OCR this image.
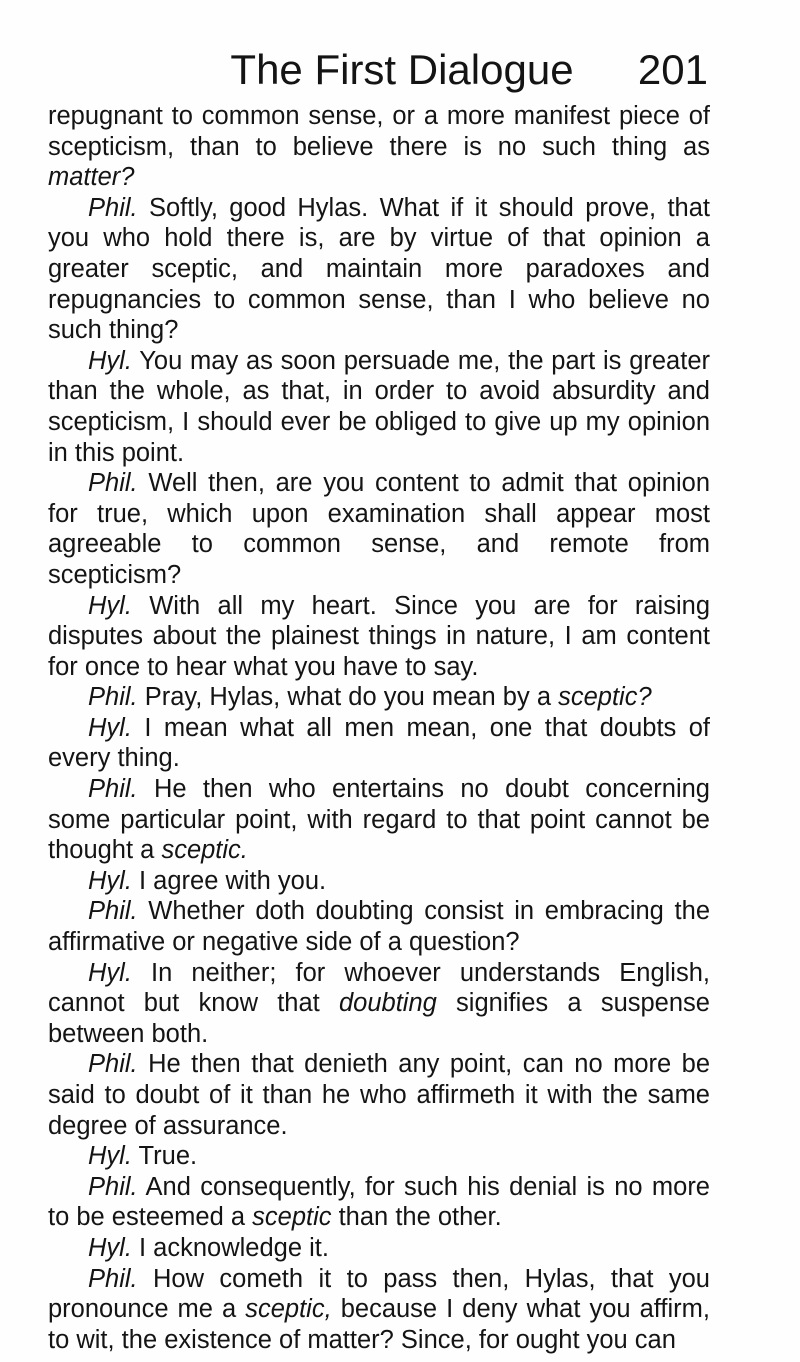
The First Dialogue	201

repugnant to common sense, or a more manifest piece of scepticism, than to believe there is no such thing as matter?

Phil. Softly, good Hylas. What if it should prove, that you who hold there is, are by virtue of that opinion a greater sceptic, and maintain more paradoxes and repugnancies to common sense, than I who believe no such thing?

Hyl. You may as soon persuade me, the part is greater than the whole, as that, in order to avoid absurdity and scepticism, I should ever be obliged to give up my opinion in this point.

Phil. Well then, are you content to admit that opinion for true, which upon examination shall appear most agreeable to common sense, and remote from scepticism?

Hyl. With all my heart. Since you are for raising disputes about the plainest things in nature, I am content for once to hear what you have to say.

Phil. Pray, Hylas, what do you mean by a sceptic?

Hyl. I mean what all men mean, one that doubts of every thing.

Phil. He then who entertains no doubt concerning some particular point, with regard to that point cannot be thought a sceptic.

Hyl. I agree with you.

Phil. Whether doth doubting consist in embracing the affirmative or negative side of a question?

Hyl. In neither; for whoever understands English, cannot but know that doubting signifies a suspense between both.

Phil. He then that denieth any point, can no more be said to doubt of it than he who affirmeth it with the same degree of assurance.

Hyl. True.

Phil. And consequently, for such his denial is no more to be esteemed a sceptic than the other.

Hyl. I acknowledge it.

Phil. How cometh it to pass then, Hylas, that you pronounce me a sceptic, because I deny what you affirm, to wit, the existence of matter? Since, for ought you can
